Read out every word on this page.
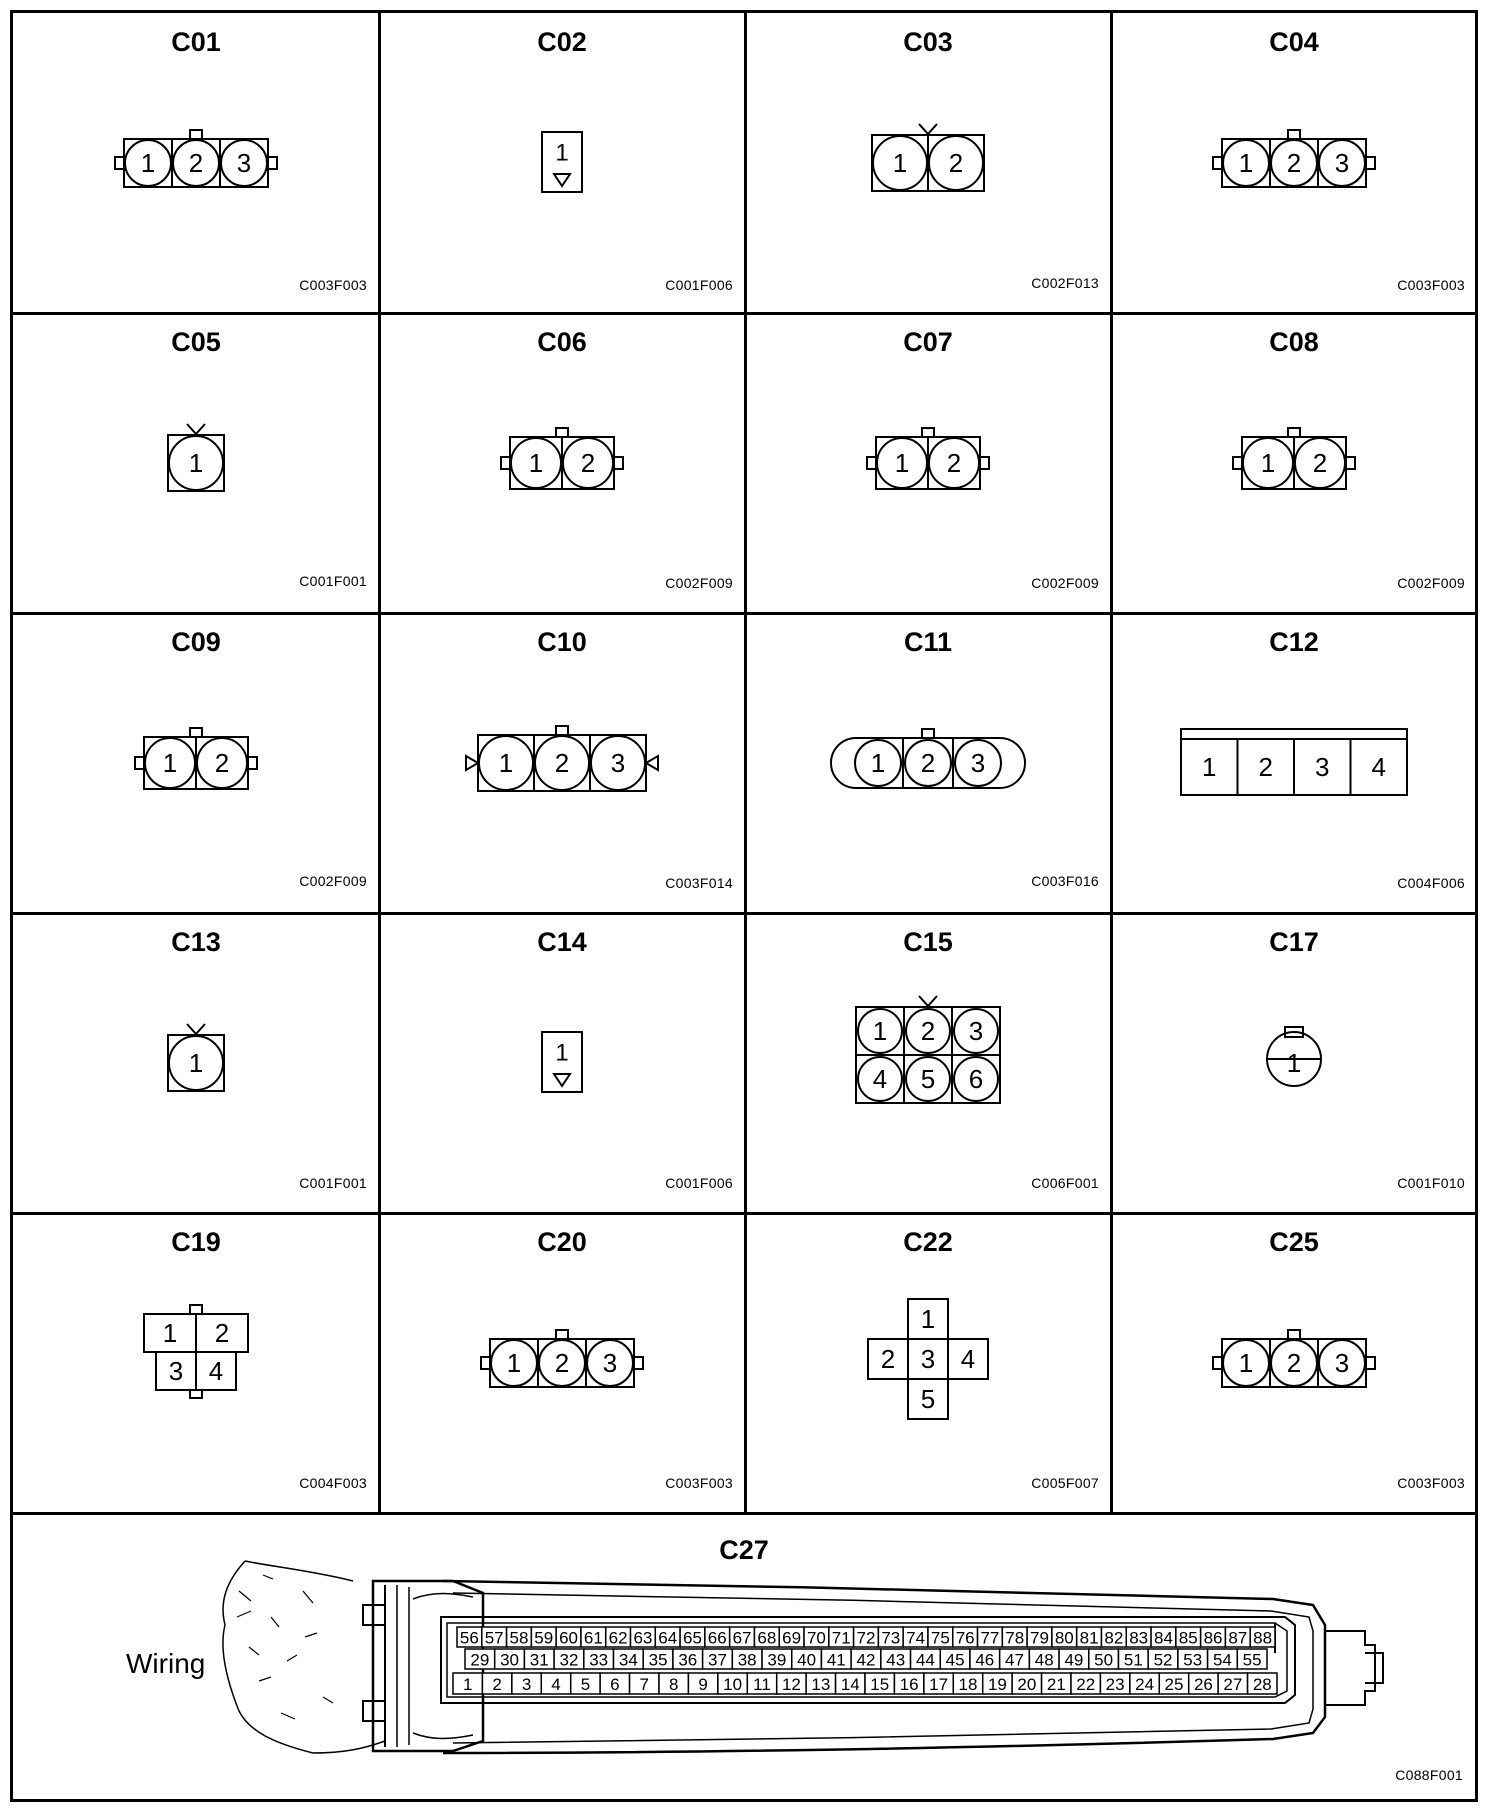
C01
1 2 3
C003F003
C02
1
C001F006
C03
1 2
C002F013
C04
1 2 3
C003F003
C05
1
C001F001
C06
1 2
C002F009
C07
1 2
C002F009
C08
1 2
C002F009
C09
1 2
C002F009
C10
1 2 3
C003F014
C11
1 2 3
C003F016
C12
1 2 3 4
C004F006
C13
1
C001F001
C14
1
C001F006
C15
1 2 3
4 5 6
C006F001
C17
1
C001F010
C19
1 2
3 4
C004F003
C20
1 2 3
C003F003
C22
1
2 3 4
5
C005F007
C25
1 2 3
C003F003
C27
Wiring
56 57 58 59 60 61 62 63 64 65 66 67 68 69 70 71 72 73 74 75 76 77 78 79 80 81 82 83 84 85 86 87 88
29 30 31 32 33 34 35 36 37 38 39 40 41 42 43 44 45 46 47 48 49 50 51 52 53 54 55
1 2 3 4 5 6 7 8 9 10 11 12 13 14 15 16 17 18 19 20 21 22 23 24 25 26 27 28
C088F001
